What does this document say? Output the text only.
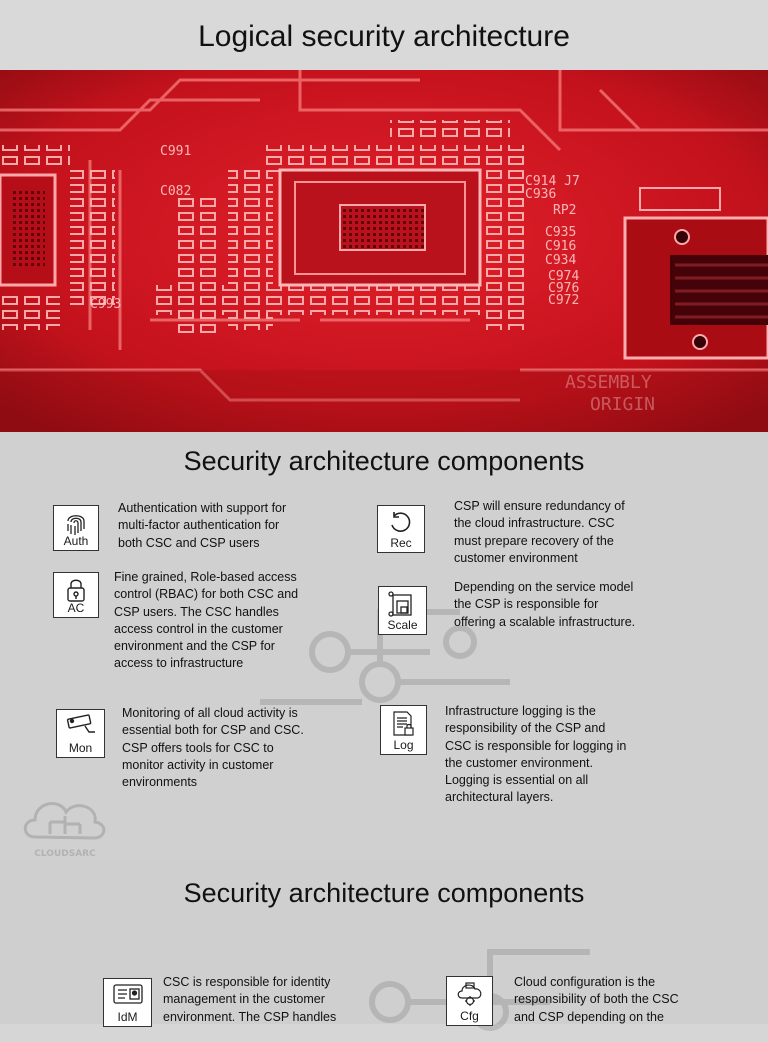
Logical security architecture
C914 J7
C936
RP2
C935
C916
C934
C974
C976
C972
C991
C082
C993
ASSEMBLY
ORIGIN
Security architecture components
Auth
Authentication with support for multi-factor authentication for both CSC and CSP users
AC
Fine grained, Role-based access control (RBAC) for both CSC and CSP users. The CSC handles access control in the customer environment and the CSP for access to infrastructure
Mon
Monitoring of all cloud activity is essential both for CSP and CSC. CSP offers tools for CSC to monitor activity in customer environments
Rec
CSP will ensure redundancy of the cloud infrastructure. CSC must prepare recovery of the customer environment
Scale
Depending on the service model the CSP is responsible for offering a scalable infrastructure.
Log
Infrastructure logging is the responsibility of the CSP and CSC is responsible for logging in the customer environment. Logging is essential on all architectural layers.
CLOUDSARC
Security architecture components
IdM
CSC is responsible for identity management in the customer environment. The CSP handles	Cfg
Cloud configuration is the responsibility of both the CSC and CSP depending on the
